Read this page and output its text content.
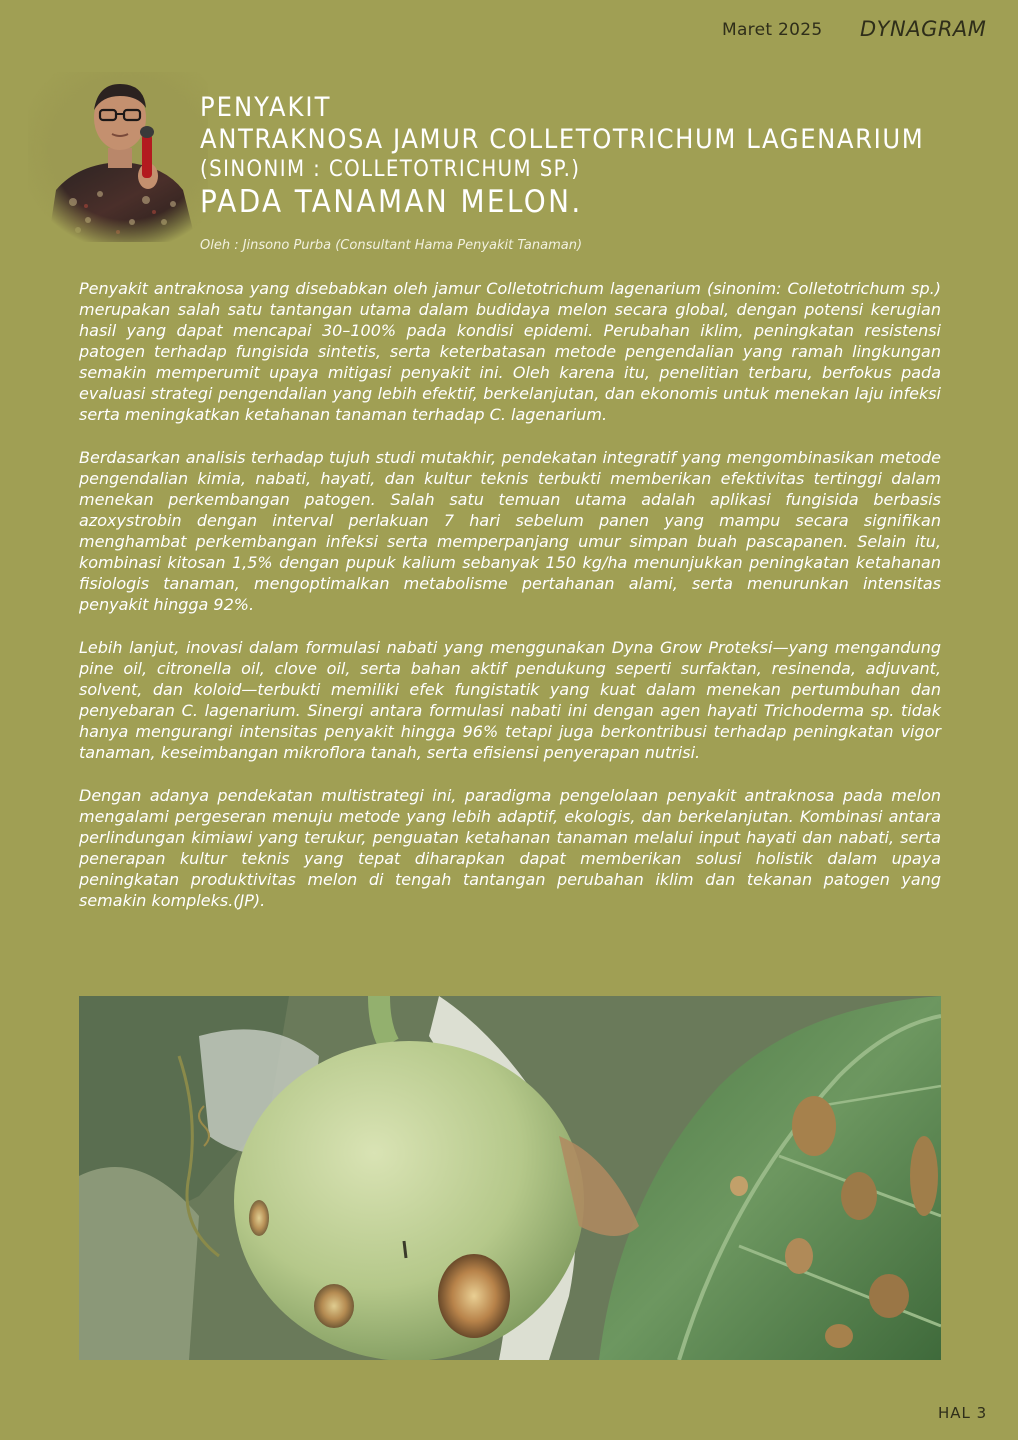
Maret 2025 DYNAGRAM
PENYAKIT
ANTRAKNOSA JAMUR COLLETOTRICHUM LAGENARIUM
(SINONIM : COLLETOTRICHUM SP.)
PADA TANAMAN MELON.
Oleh : Jinsono Purba (Consultant Hama Penyakit Tanaman)

Penyakit antraknosa yang disebabkan oleh jamur Colletotrichum lagenarium (sinonim: Colletotrichum sp.) merupakan salah satu tantangan utama dalam budidaya melon secara global, dengan potensi kerugian hasil yang dapat mencapai 30–100% pada kondisi epidemi. Perubahan iklim, peningkatan resistensi patogen terhadap fungisida sintetis, serta keterbatasan metode pengendalian yang ramah lingkungan semakin memperumit upaya mitigasi penyakit ini. Oleh karena itu, penelitian terbaru, berfokus pada evaluasi strategi pengendalian yang lebih efektif, berkelanjutan, dan ekonomis untuk menekan laju infeksi serta meningkatkan ketahanan tanaman terhadap C. lagenarium.

Berdasarkan analisis terhadap tujuh studi mutakhir, pendekatan integratif yang mengombinasikan metode pengendalian kimia, nabati, hayati, dan kultur teknis terbukti memberikan efektivitas tertinggi dalam menekan perkembangan patogen. Salah satu temuan utama adalah aplikasi fungisida berbasis azoxystrobin dengan interval perlakuan 7 hari sebelum panen yang mampu secara signifikan menghambat perkembangan infeksi serta memperpanjang umur simpan buah pascapanen. Selain itu, kombinasi kitosan 1,5% dengan pupuk kalium sebanyak 150 kg/ha menunjukkan peningkatan ketahanan fisiologis tanaman, mengoptimalkan metabolisme pertahanan alami, serta menurunkan intensitas penyakit hingga 92%.

Lebih lanjut, inovasi dalam formulasi nabati yang menggunakan Dyna Grow Proteksi—yang mengandung pine oil, citronella oil, clove oil, serta bahan aktif pendukung seperti surfaktan, resinenda, adjuvant, solvent, dan koloid—terbukti memiliki efek fungistatik yang kuat dalam menekan pertumbuhan dan penyebaran C. lagenarium. Sinergi antara formulasi nabati ini dengan agen hayati Trichoderma sp. tidak hanya mengurangi intensitas penyakit hingga 96% tetapi juga berkontribusi terhadap peningkatan vigor tanaman, keseimbangan mikroflora tanah, serta efisiensi penyerapan nutrisi.

Dengan adanya pendekatan multistrategi ini, paradigma pengelolaan penyakit antraknosa pada melon mengalami pergeseran menuju metode yang lebih adaptif, ekologis, dan berkelanjutan. Kombinasi antara perlindungan kimiawi yang terukur, penguatan ketahanan tanaman melalui input hayati dan nabati, serta penerapan kultur teknis yang tepat diharapkan dapat memberikan solusi holistik dalam upaya peningkatan produktivitas melon di tengah tantangan perubahan iklim dan tekanan patogen yang semakin kompleks.(JP).

HAL 3
